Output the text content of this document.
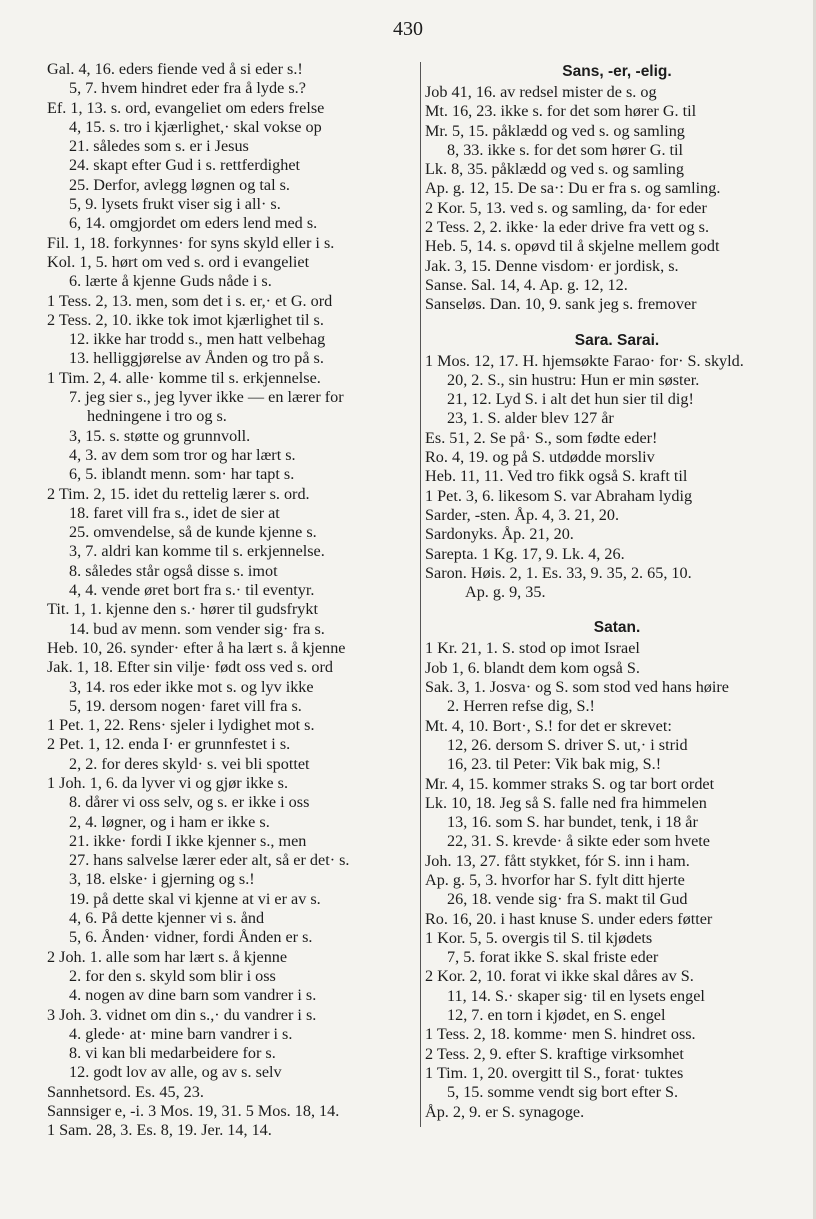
430
Gal. 4, 16. eders fiende ved å si eder s.!
5, 7. hvem hindret eder fra å lyde s.?
Ef. 1, 13. s. ord, evangeliet om eders frelse
4, 15. s. tro i kjærlighet,· skal vokse op
21. således som s. er i Jesus
24. skapt efter Gud i s. rettferdighet
25. Derfor, avlegg løgnen og tal s.
5, 9. lysets frukt viser sig i all· s.
6, 14. omgjordet om eders lend med s.
Fil. 1, 18. forkynnes· for syns skyld eller i s.
Kol. 1, 5. hørt om ved s. ord i evangeliet
6. lærte å kjenne Guds nåde i s.
1 Tess. 2, 13. men, som det i s. er,· et G. ord
2 Tess. 2, 10. ikke tok imot kjærlighet til s.
12. ikke har trodd s., men hatt velbehag
13. helliggjørelse av Ånden og tro på s.
1 Tim. 2, 4. alle· komme til s. erkjennelse.
7. jeg sier s., jeg lyver ikke — en lærer for
hedningene i tro og s.
3, 15. s. støtte og grunnvoll.
4, 3. av dem som tror og har lært s.
6, 5. iblandt menn. som· har tapt s.
2 Tim. 2, 15. idet du rettelig lærer s. ord.
18. faret vill fra s., idet de sier at
25. omvendelse, så de kunde kjenne s.
3, 7. aldri kan komme til s. erkjennelse.
8. således står også disse s. imot
4, 4. vende øret bort fra s.· til eventyr.
Tit. 1, 1. kjenne den s.· hører til gudsfrykt
14. bud av menn. som vender sig· fra s.
Heb. 10, 26. synder· efter å ha lært s. å kjenne
Jak. 1, 18. Efter sin vilje· født oss ved s. ord
3, 14. ros eder ikke mot s. og lyv ikke
5, 19. dersom nogen· faret vill fra s.
1 Pet. 1, 22. Rens· sjeler i lydighet mot s.
2 Pet. 1, 12. enda I· er grunnfestet i s.
2, 2. for deres skyld· s. vei bli spottet
1 Joh. 1, 6. da lyver vi og gjør ikke s.
8. dårer vi oss selv, og s. er ikke i oss
2, 4. løgner, og i ham er ikke s.
21. ikke· fordi I ikke kjenner s., men
27. hans salvelse lærer eder alt, så er det· s.
3, 18. elske· i gjerning og s.!
19. på dette skal vi kjenne at vi er av s.
4, 6. På dette kjenner vi s. ånd
5, 6. Ånden· vidner, fordi Ånden er s.
2 Joh. 1. alle som har lært s. å kjenne
2. for den s. skyld som blir i oss
4. nogen av dine barn som vandrer i s.
3 Joh. 3. vidnet om din s.,· du vandrer i s.
4. glede· at· mine barn vandrer i s.
8. vi kan bli medarbeidere for s.
12. godt lov av alle, og av s. selv
Sannhetsord. Es. 45, 23.
Sannsiger e, -i. 3 Mos. 19, 31. 5 Mos. 18, 14.
1 Sam. 28, 3. Es. 8, 19. Jer. 14, 14.
Sans, -er, -elig.
Job 41, 16. av redsel mister de s. og
Mt. 16, 23. ikke s. for det som hører G. til
Mr. 5, 15. påklædd og ved s. og samling
8, 33. ikke s. for det som hører G. til
Lk. 8, 35. påklædd og ved s. og samling
Ap. g. 12, 15. De sa·: Du er fra s. og samling.
2 Kor. 5, 13. ved s. og samling, da· for eder
2 Tess. 2, 2. ikke· la eder drive fra vett og s.
Heb. 5, 14. s. opøvd til å skjelne mellem godt
Jak. 3, 15. Denne visdom· er jordisk, s.
Sanse. Sal. 14, 4. Ap. g. 12, 12.
Sanseløs. Dan. 10, 9. sank jeg s. fremover
Sara. Sarai.
1 Mos. 12, 17. H. hjemsøkte Farao· for· S. skyld.
20, 2. S., sin hustru: Hun er min søster.
21, 12. Lyd S. i alt det hun sier til dig!
23, 1. S. alder blev 127 år
Es. 51, 2. Se på· S., som fødte eder!
Ro. 4, 19. og på S. utdødde morsliv
Heb. 11, 11. Ved tro fikk også S. kraft til
1 Pet. 3, 6. likesom S. var Abraham lydig
Sarder, -sten. Åp. 4, 3. 21, 20.
Sardonyks. Åp. 21, 20.
Sarepta. 1 Kg. 17, 9. Lk. 4, 26.
Saron. Høis. 2, 1. Es. 33, 9. 35, 2. 65, 10.
Ap. g. 9, 35.
Satan.
1 Kr. 21, 1. S. stod op imot Israel
Job 1, 6. blandt dem kom også S.
Sak. 3, 1. Josva· og S. som stod ved hans høire
2. Herren refse dig, S.!
Mt. 4, 10. Bort·, S.! for det er skrevet:
12, 26. dersom S. driver S. ut,· i strid
16, 23. til Peter: Vik bak mig, S.!
Mr. 4, 15. kommer straks S. og tar bort ordet
Lk. 10, 18. Jeg så S. falle ned fra himmelen
13, 16. som S. har bundet, tenk, i 18 år
22, 31. S. krevde· å sikte eder som hvete
Joh. 13, 27. fått stykket, fór S. inn i ham.
Ap. g. 5, 3. hvorfor har S. fylt ditt hjerte
26, 18. vende sig· fra S. makt til Gud
Ro. 16, 20. i hast knuse S. under eders føtter
1 Kor. 5, 5. overgis til S. til kjødets
7, 5. forat ikke S. skal friste eder
2 Kor. 2, 10. forat vi ikke skal dåres av S.
11, 14. S.· skaper sig· til en lysets engel
12, 7. en torn i kjødet, en S. engel
1 Tess. 2, 18. komme· men S. hindret oss.
2 Tess. 2, 9. efter S. kraftige virksomhet
1 Tim. 1, 20. overgitt til S., forat· tuktes
5, 15. somme vendt sig bort efter S.
Åp. 2, 9. er S. synagoge.
